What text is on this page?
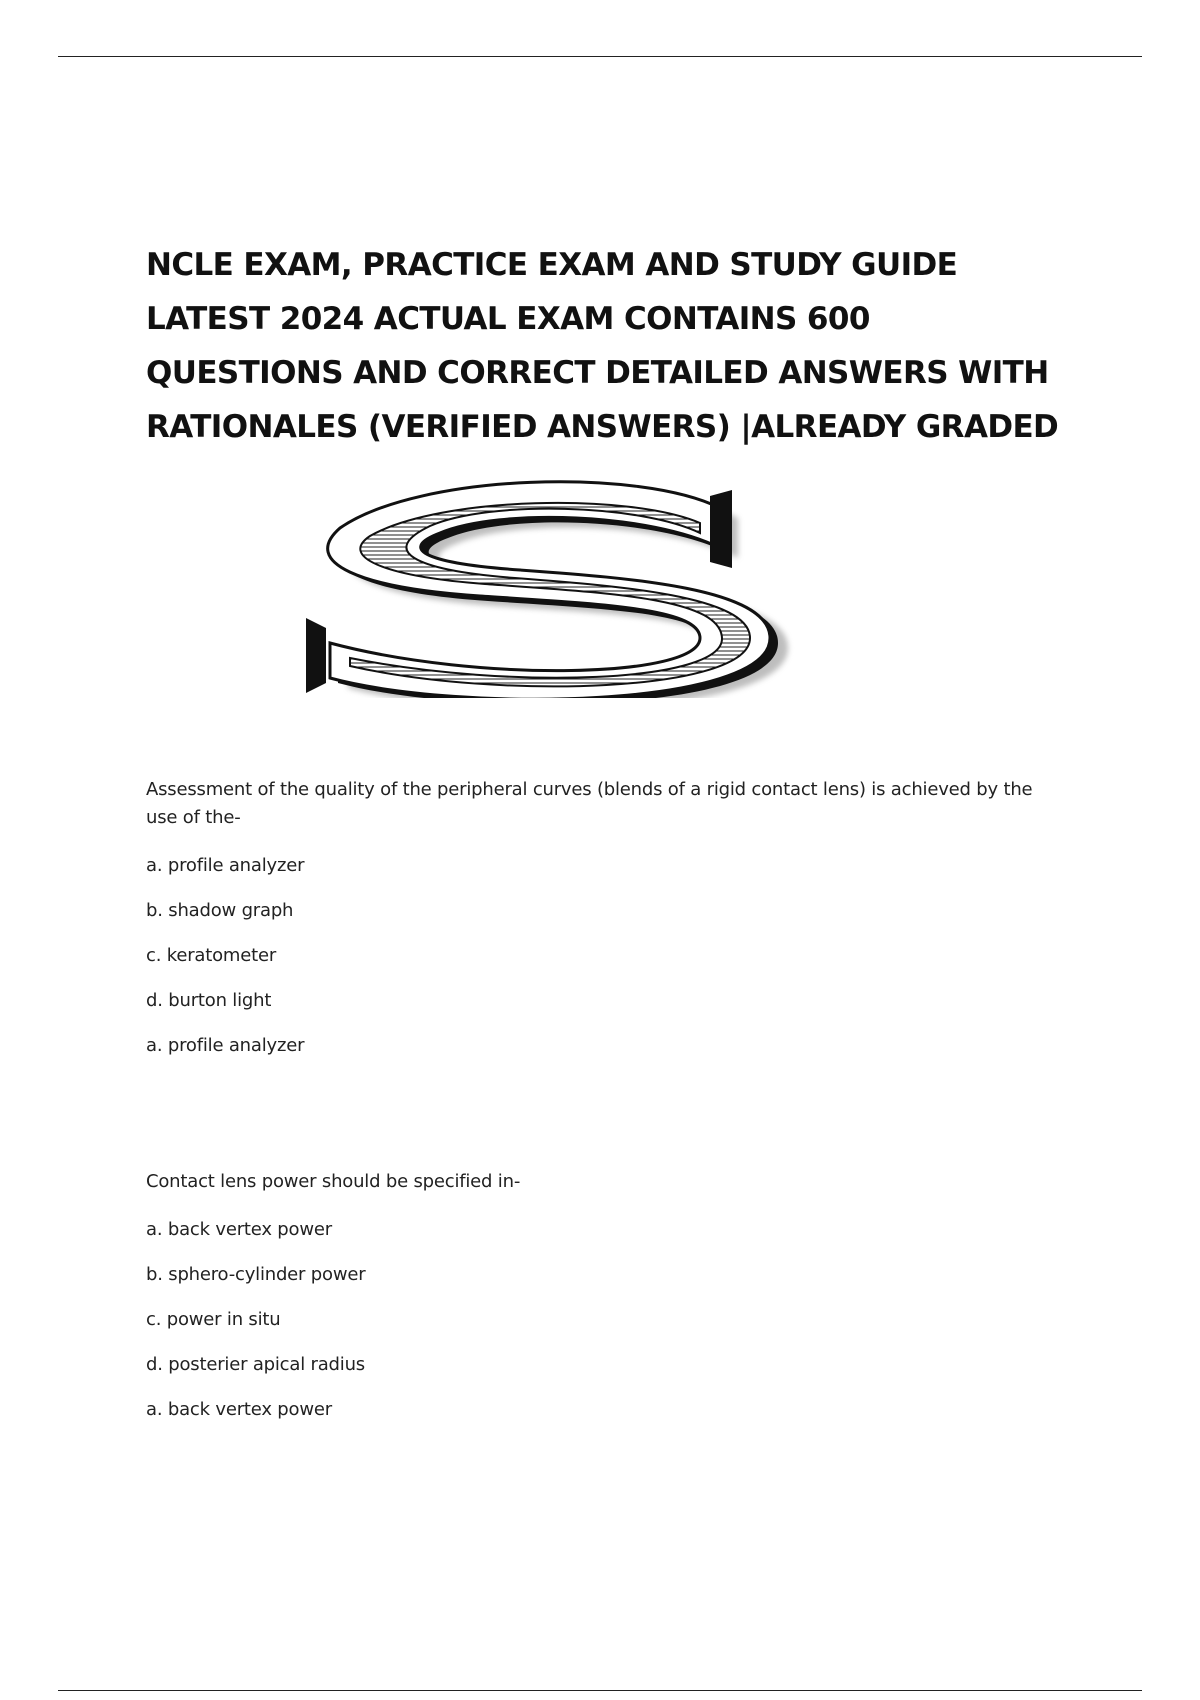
NCLE EXAM, PRACTICE EXAM AND STUDY GUIDE LATEST 2024 ACTUAL EXAM CONTAINS 600 QUESTIONS AND CORRECT DETAILED ANSWERS WITH RATIONALES (VERIFIED ANSWERS) |ALREADY GRADED

Assessment of the quality of the peripheral curves (blends of a rigid contact lens) is achieved by the use of the-

a. profile analyzer

b. shadow graph

c. keratometer

d. burton light

a. profile analyzer

Contact lens power should be specified in-

a. back vertex power

b. sphero-cylinder power

c. power in situ

d. posterier apical radius

a. back vertex power
